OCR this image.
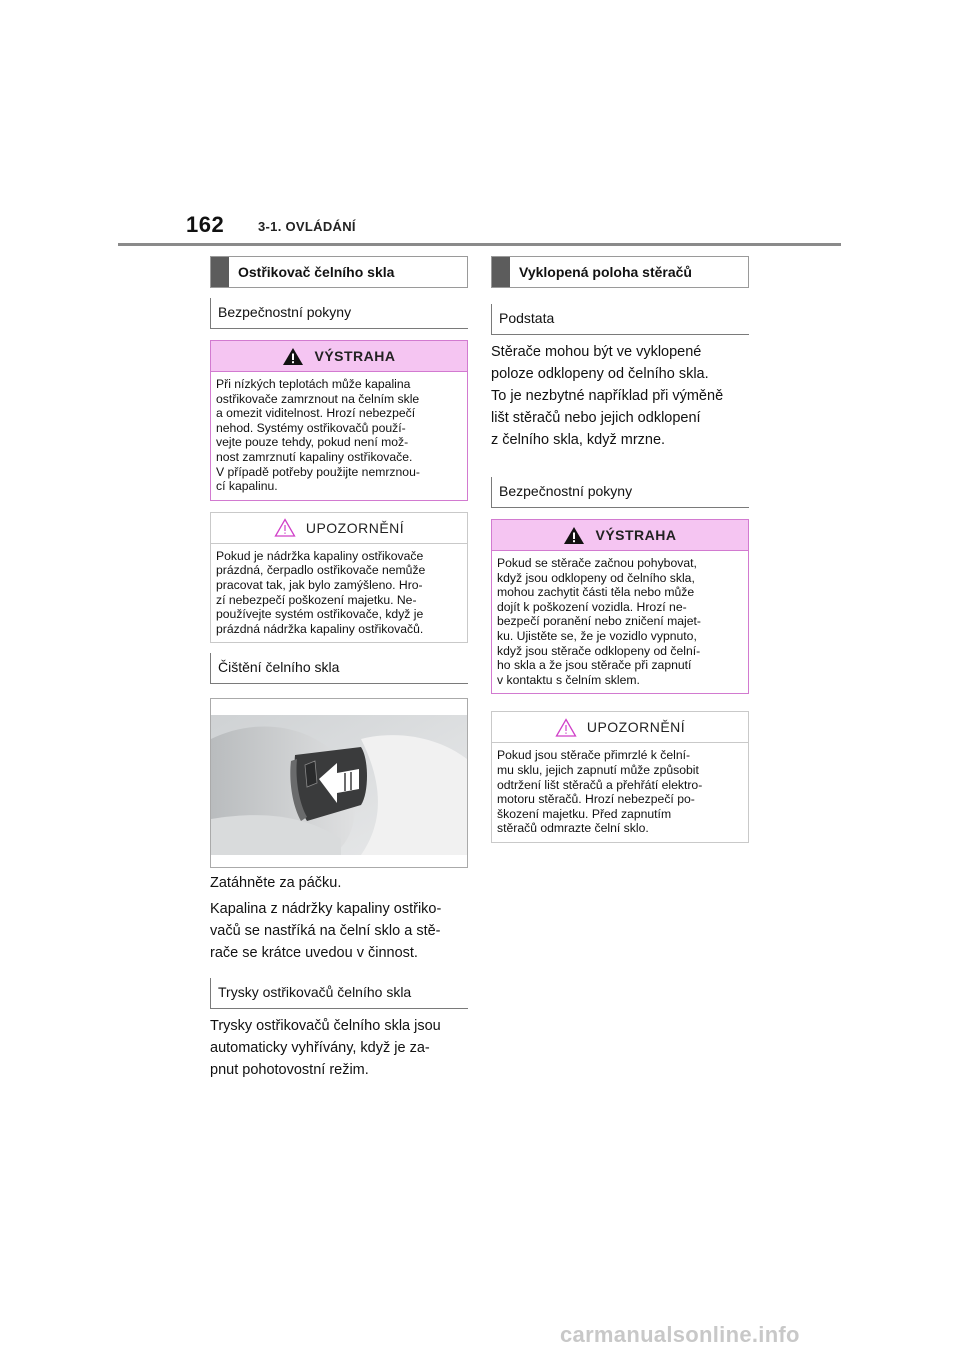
162	3-1. OVLÁDÁNÍ
Ostřikovač čelního skla
Bezpečnostní pokyny
VÝSTRAHA
Při nízkých teplotách může kapalina
ostřikovače zamrznout na čelním skle
a omezit viditelnost. Hrozí nebezpečí
nehod. Systémy ostřikovačů použí-
vejte pouze tehdy, pokud není mož-
nost zamrznutí kapaliny ostřikovače.
V případě potřeby použijte nemrznou-
cí kapalinu.
UPOZORNĚNÍ
Pokud je nádržka kapaliny ostřikovače
prázdná, čerpadlo ostřikovače nemůže
pracovat tak, jak bylo zamýšleno. Hro-
zí nebezpečí poškození majetku. Ne-
používejte systém ostřikovače, když je
prázdná nádržka kapaliny ostřikovačů.
Čištění čelního skla
Zatáhněte za páčku.
Kapalina z nádržky kapaliny ostřiko-
vačů se nastříká na čelní sklo a stě-
rače se krátce uvedou v činnost.
Trysky ostřikovačů čelního skla
Trysky ostřikovačů čelního skla jsou
automaticky vyhřívány, když je za-
pnut pohotovostní režim.
Vyklopená poloha stěračů
Podstata
Stěrače mohou být ve vyklopené
poloze odklopeny od čelního skla.
To je nezbytné například při výměně
lišt stěračů nebo jejich odklopení
z čelního skla, když mrzne.
Bezpečnostní pokyny
VÝSTRAHA
Pokud se stěrače začnou pohybovat,
když jsou odklopeny od čelního skla,
mohou zachytit části těla nebo může
dojít k poškození vozidla. Hrozí ne-
bezpečí poranění nebo zničení majet-
ku. Ujistěte se, že je vozidlo vypnuto,
když jsou stěrače odklopeny od čelní-
ho skla a že jsou stěrače při zapnutí
v kontaktu s čelním sklem.
UPOZORNĚNÍ
Pokud jsou stěrače přimrzlé k čelní-
mu sklu, jejich zapnutí může způsobit
odtržení lišt stěračů a přehřátí elektro-
motoru stěračů. Hrozí nebezpečí po-
škození majetku. Před zapnutím
stěračů odmrazte čelní sklo.
carmanualsonline.info
